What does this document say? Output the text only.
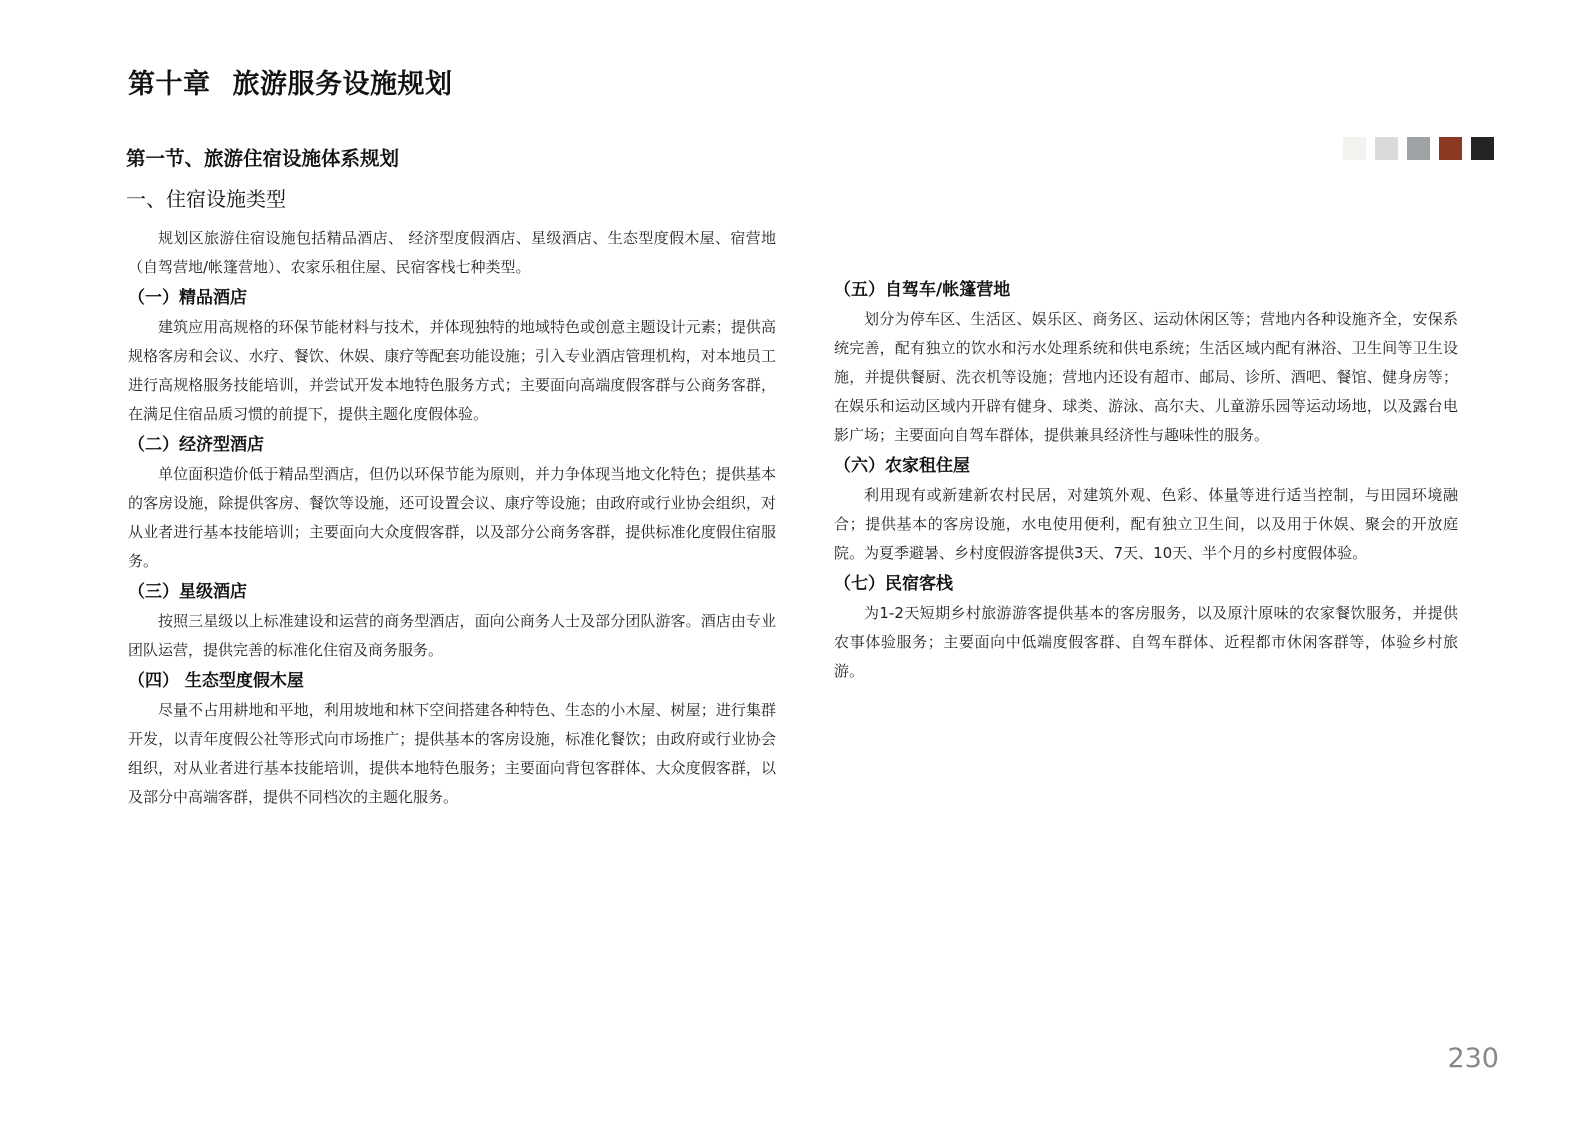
第十章 旅游服务设施规划
第一节、旅游住宿设施体系规划
一、住宿设施类型

规划区旅游住宿设施包括精品酒店、 经济型度假酒店、星级酒店、生态型度假木屋、宿营地（自驾营地/帐篷营地）、农家乐租住屋、民宿客栈七种类型。

（一）精品酒店

建筑应用高规格的环保节能材料与技术，并体现独特的地域特色或创意主题设计元素；提供高规格客房和会议、水疗、餐饮、休娱、康疗等配套功能设施；引入专业酒店管理机构，对本地员工进行高规格服务技能培训，并尝试开发本地特色服务方式；主要面向高端度假客群与公商务客群，在满足住宿品质习惯的前提下，提供主题化度假体验。

（二）经济型酒店

单位面积造价低于精品型酒店，但仍以环保节能为原则，并力争体现当地文化特色；提供基本的客房设施，除提供客房、餐饮等设施，还可设置会议、康疗等设施；由政府或行业协会组织，对从业者进行基本技能培训；主要面向大众度假客群，以及部分公商务客群，提供标准化度假住宿服务。

（三）星级酒店

按照三星级以上标准建设和运营的商务型酒店，面向公商务人士及部分团队游客。酒店由专业团队运营，提供完善的标准化住宿及商务服务。

（四） 生态型度假木屋

尽量不占用耕地和平地，利用坡地和林下空间搭建各种特色、生态的小木屋、树屋；进行集群开发，以青年度假公社等形式向市场推广；提供基本的客房设施，标准化餐饮；由政府或行业协会组织，对从业者进行基本技能培训，提供本地特色服务；主要面向背包客群体、大众度假客群，以及部分中高端客群，提供不同档次的主题化服务。

（五）自驾车/帐篷营地

划分为停车区、生活区、娱乐区、商务区、运动休闲区等；营地内各种设施齐全，安保系统完善，配有独立的饮水和污水处理系统和供电系统；生活区域内配有淋浴、卫生间等卫生设施，并提供餐厨、洗衣机等设施；营地内还设有超市、邮局、诊所、酒吧、餐馆、健身房等；在娱乐和运动区域内开辟有健身、球类、游泳、高尔夫、儿童游乐园等运动场地，以及露台电影广场；主要面向自驾车群体，提供兼具经济性与趣味性的服务。

（六）农家租住屋

利用现有或新建新农村民居，对建筑外观、色彩、体量等进行适当控制，与田园环境融合；提供基本的客房设施，水电使用便利，配有独立卫生间，以及用于休娱、聚会的开放庭院。为夏季避暑、乡村度假游客提供3天、7天、10天、半个月的乡村度假体验。

（七）民宿客栈

为1-2天短期乡村旅游游客提供基本的客房服务，以及原汁原味的农家餐饮服务，并提供农事体验服务；主要面向中低端度假客群、自驾车群体、近程都市休闲客群等，体验乡村旅游。

230
